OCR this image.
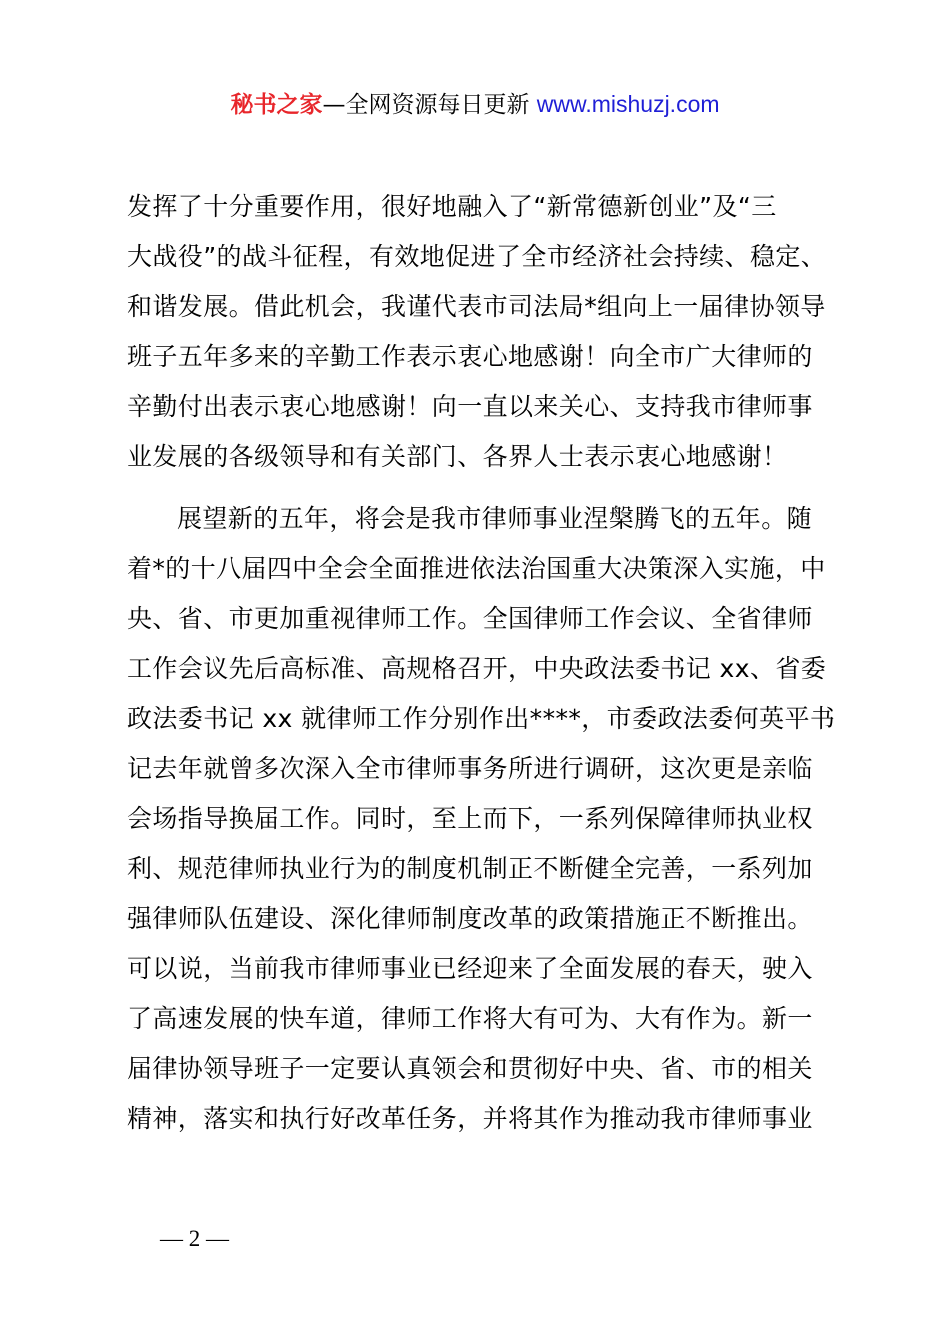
秘书之家—全网资源每日更新 www.mishuzj.com
发挥了十分重要作用，很好地融入了“新常德新创业”及“三
大战役”的战斗征程，有效地促进了全市经济社会持续、稳定、
和谐发展。借此机会，我谨代表市司法局*组向上一届律协领导
班子五年多来的辛勤工作表示衷心地感谢！向全市广大律师的
辛勤付出表示衷心地感谢！向一直以来关心、支持我市律师事
业发展的各级领导和有关部门、各界人士表示衷心地感谢！
展望新的五年，将会是我市律师事业涅槃腾飞的五年。随
着*的十八届四中全会全面推进依法治国重大决策深入实施，中
央、省、市更加重视律师工作。全国律师工作会议、全省律师
工作会议先后高标准、高规格召开，中央政法委书记 xx、省委
政法委书记 xx 就律师工作分别作出****，市委政法委何英平书
记去年就曾多次深入全市律师事务所进行调研，这次更是亲临
会场指导换届工作。同时，至上而下，一系列保障律师执业权
利、规范律师执业行为的制度机制正不断健全完善，一系列加
强律师队伍建设、深化律师制度改革的政策措施正不断推出。
可以说，当前我市律师事业已经迎来了全面发展的春天，驶入
了高速发展的快车道，律师工作将大有可为、大有作为。新一
届律协领导班子一定要认真领会和贯彻好中央、省、市的相关
精神，落实和执行好改革任务，并将其作为推动我市律师事业
— 2 —
